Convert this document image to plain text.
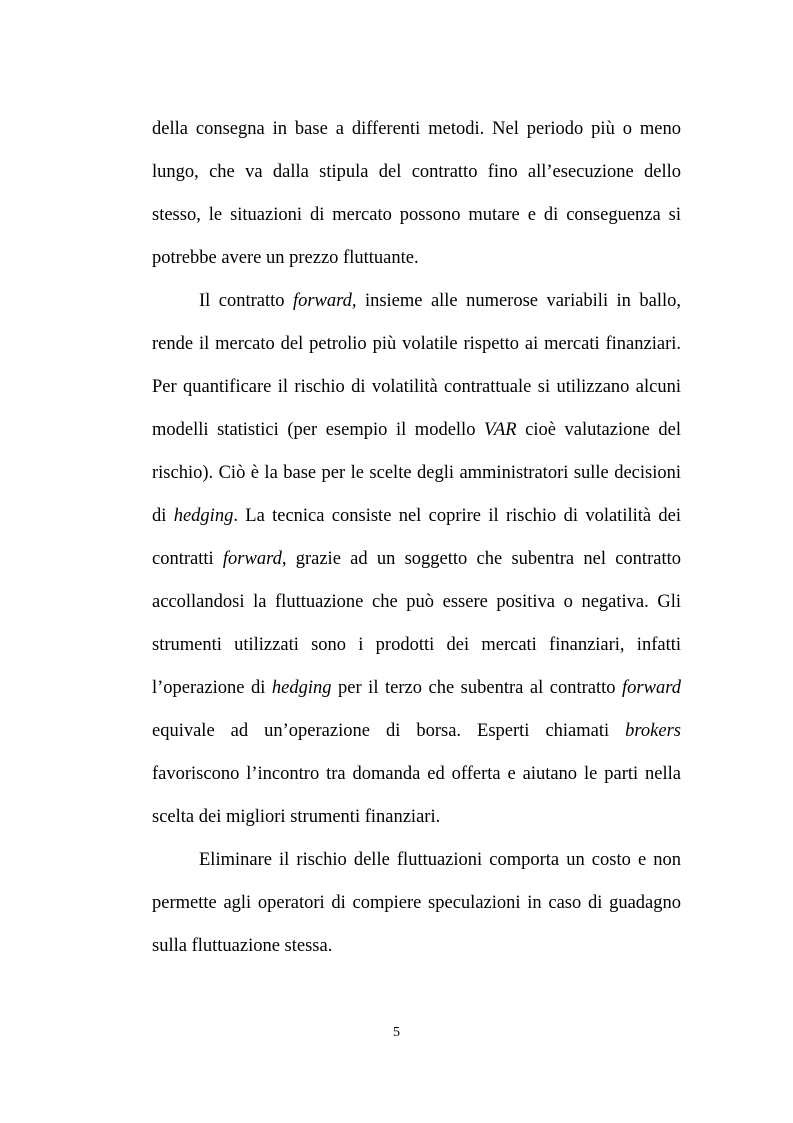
della consegna in base a differenti metodi. Nel periodo più o meno
lungo, che va dalla stipula del contratto fino all’esecuzione dello
stesso, le situazioni di mercato possono mutare e di conseguenza si
potrebbe avere un prezzo fluttuante.
Il contratto forward, insieme alle numerose variabili in ballo,
rende il mercato del petrolio più volatile rispetto ai mercati finanziari.
Per quantificare il rischio di volatilità contrattuale si utilizzano alcuni
modelli statistici (per esempio il modello VAR cioè valutazione del
rischio). Ciò è la base per le scelte degli amministratori sulle decisioni
di hedging. La tecnica consiste nel coprire il rischio di volatilità dei
contratti forward, grazie ad un soggetto che subentra nel contratto
accollandosi la fluttuazione che può essere positiva o negativa. Gli
strumenti utilizzati sono i prodotti dei mercati finanziari, infatti
l’operazione di hedging per il terzo che subentra al contratto forward
equivale ad un’operazione di borsa. Esperti chiamati brokers
favoriscono l’incontro tra domanda ed offerta e aiutano le parti nella
scelta dei migliori strumenti finanziari.
Eliminare il rischio delle fluttuazioni comporta un costo e non
permette agli operatori di compiere speculazioni in caso di guadagno
sulla fluttuazione stessa.
5
